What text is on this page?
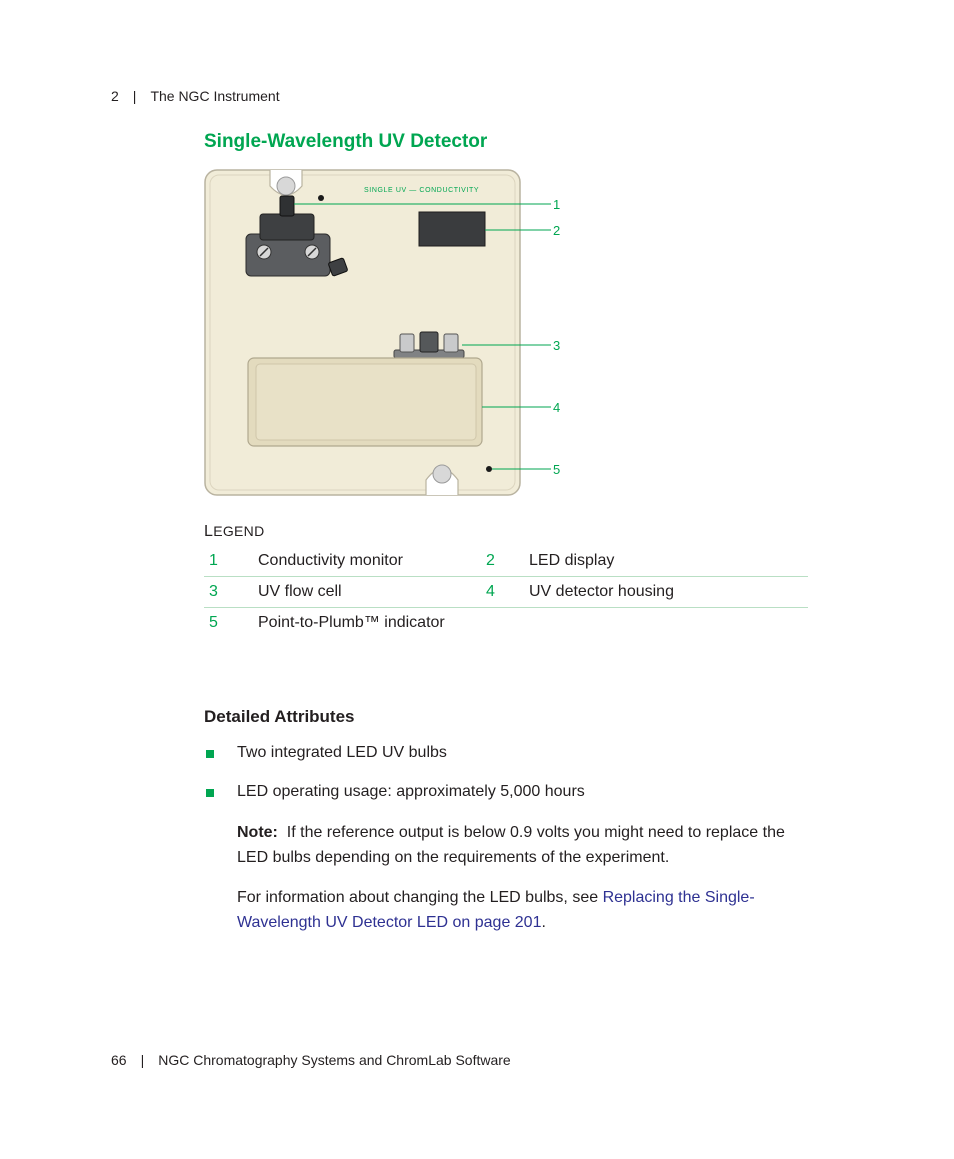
2 | The NGC Instrument
Single-Wavelength UV Detector
SINGLE UV — CONDUCTIVITY
1
2
3
4
5
LEGEND
1	Conductivity monitor	2	LED display
3	UV flow cell	4	UV detector housing
5	Point-to-Plumb™ indicator		
Detailed Attributes
Two integrated LED UV bulbs
LED operating usage: approximately 5,000 hours
Note: If the reference output is below 0.9 volts you might need to replace the LED bulbs depending on the requirements of the experiment.
For information about changing the LED bulbs, see Replacing the Single-Wavelength UV Detector LED on page 201.
66 | NGC Chromatography Systems and ChromLab Software
